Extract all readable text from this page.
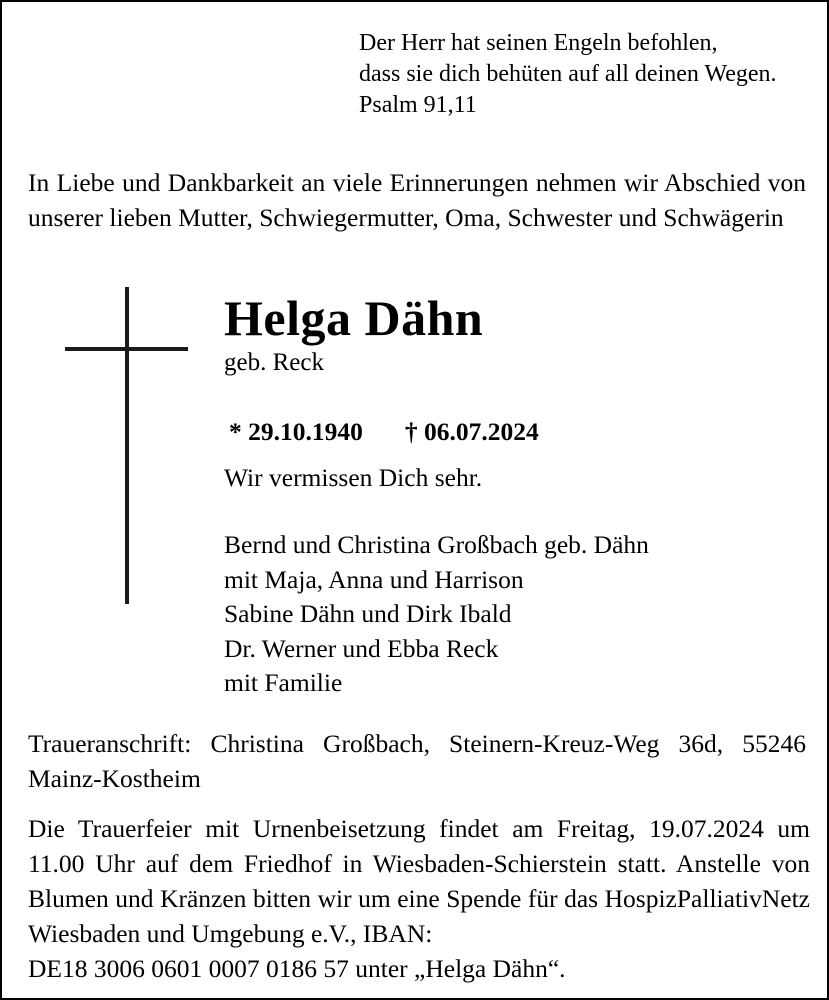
Der Herr hat seinen Engeln befohlen,
dass sie dich behüten auf all deinen Wegen.
Psalm 91,11
In Liebe und Dankbarkeit an viele Erinnerungen nehmen wir Abschied von unserer lieben Mutter, Schwiegermutter, Oma, Schwester und Schwägerin
Helga Dähn
geb. Reck
* 29.10.1940 † 06.07.2024
Wir vermissen Dich sehr.
Bernd und Christina Großbach geb. Dähn
mit Maja, Anna und Harrison
Sabine Dähn und Dirk Ibald
Dr. Werner und Ebba Reck
mit Familie
Traueranschrift: Christina Großbach, Steinern-Kreuz-Weg 36d, 55246 Mainz-Kostheim
Die Trauerfeier mit Urnenbeisetzung findet am Freitag, 19.07.2024 um 11.00 Uhr auf dem Friedhof in Wiesbaden-Schierstein statt. Anstelle von Blumen und Kränzen bitten wir um eine Spende für das HospizPalliativNetz Wiesbaden und Umgebung e.V., IBAN:
DE18 3006 0601 0007 0186 57 unter „Helga Dähn“.
